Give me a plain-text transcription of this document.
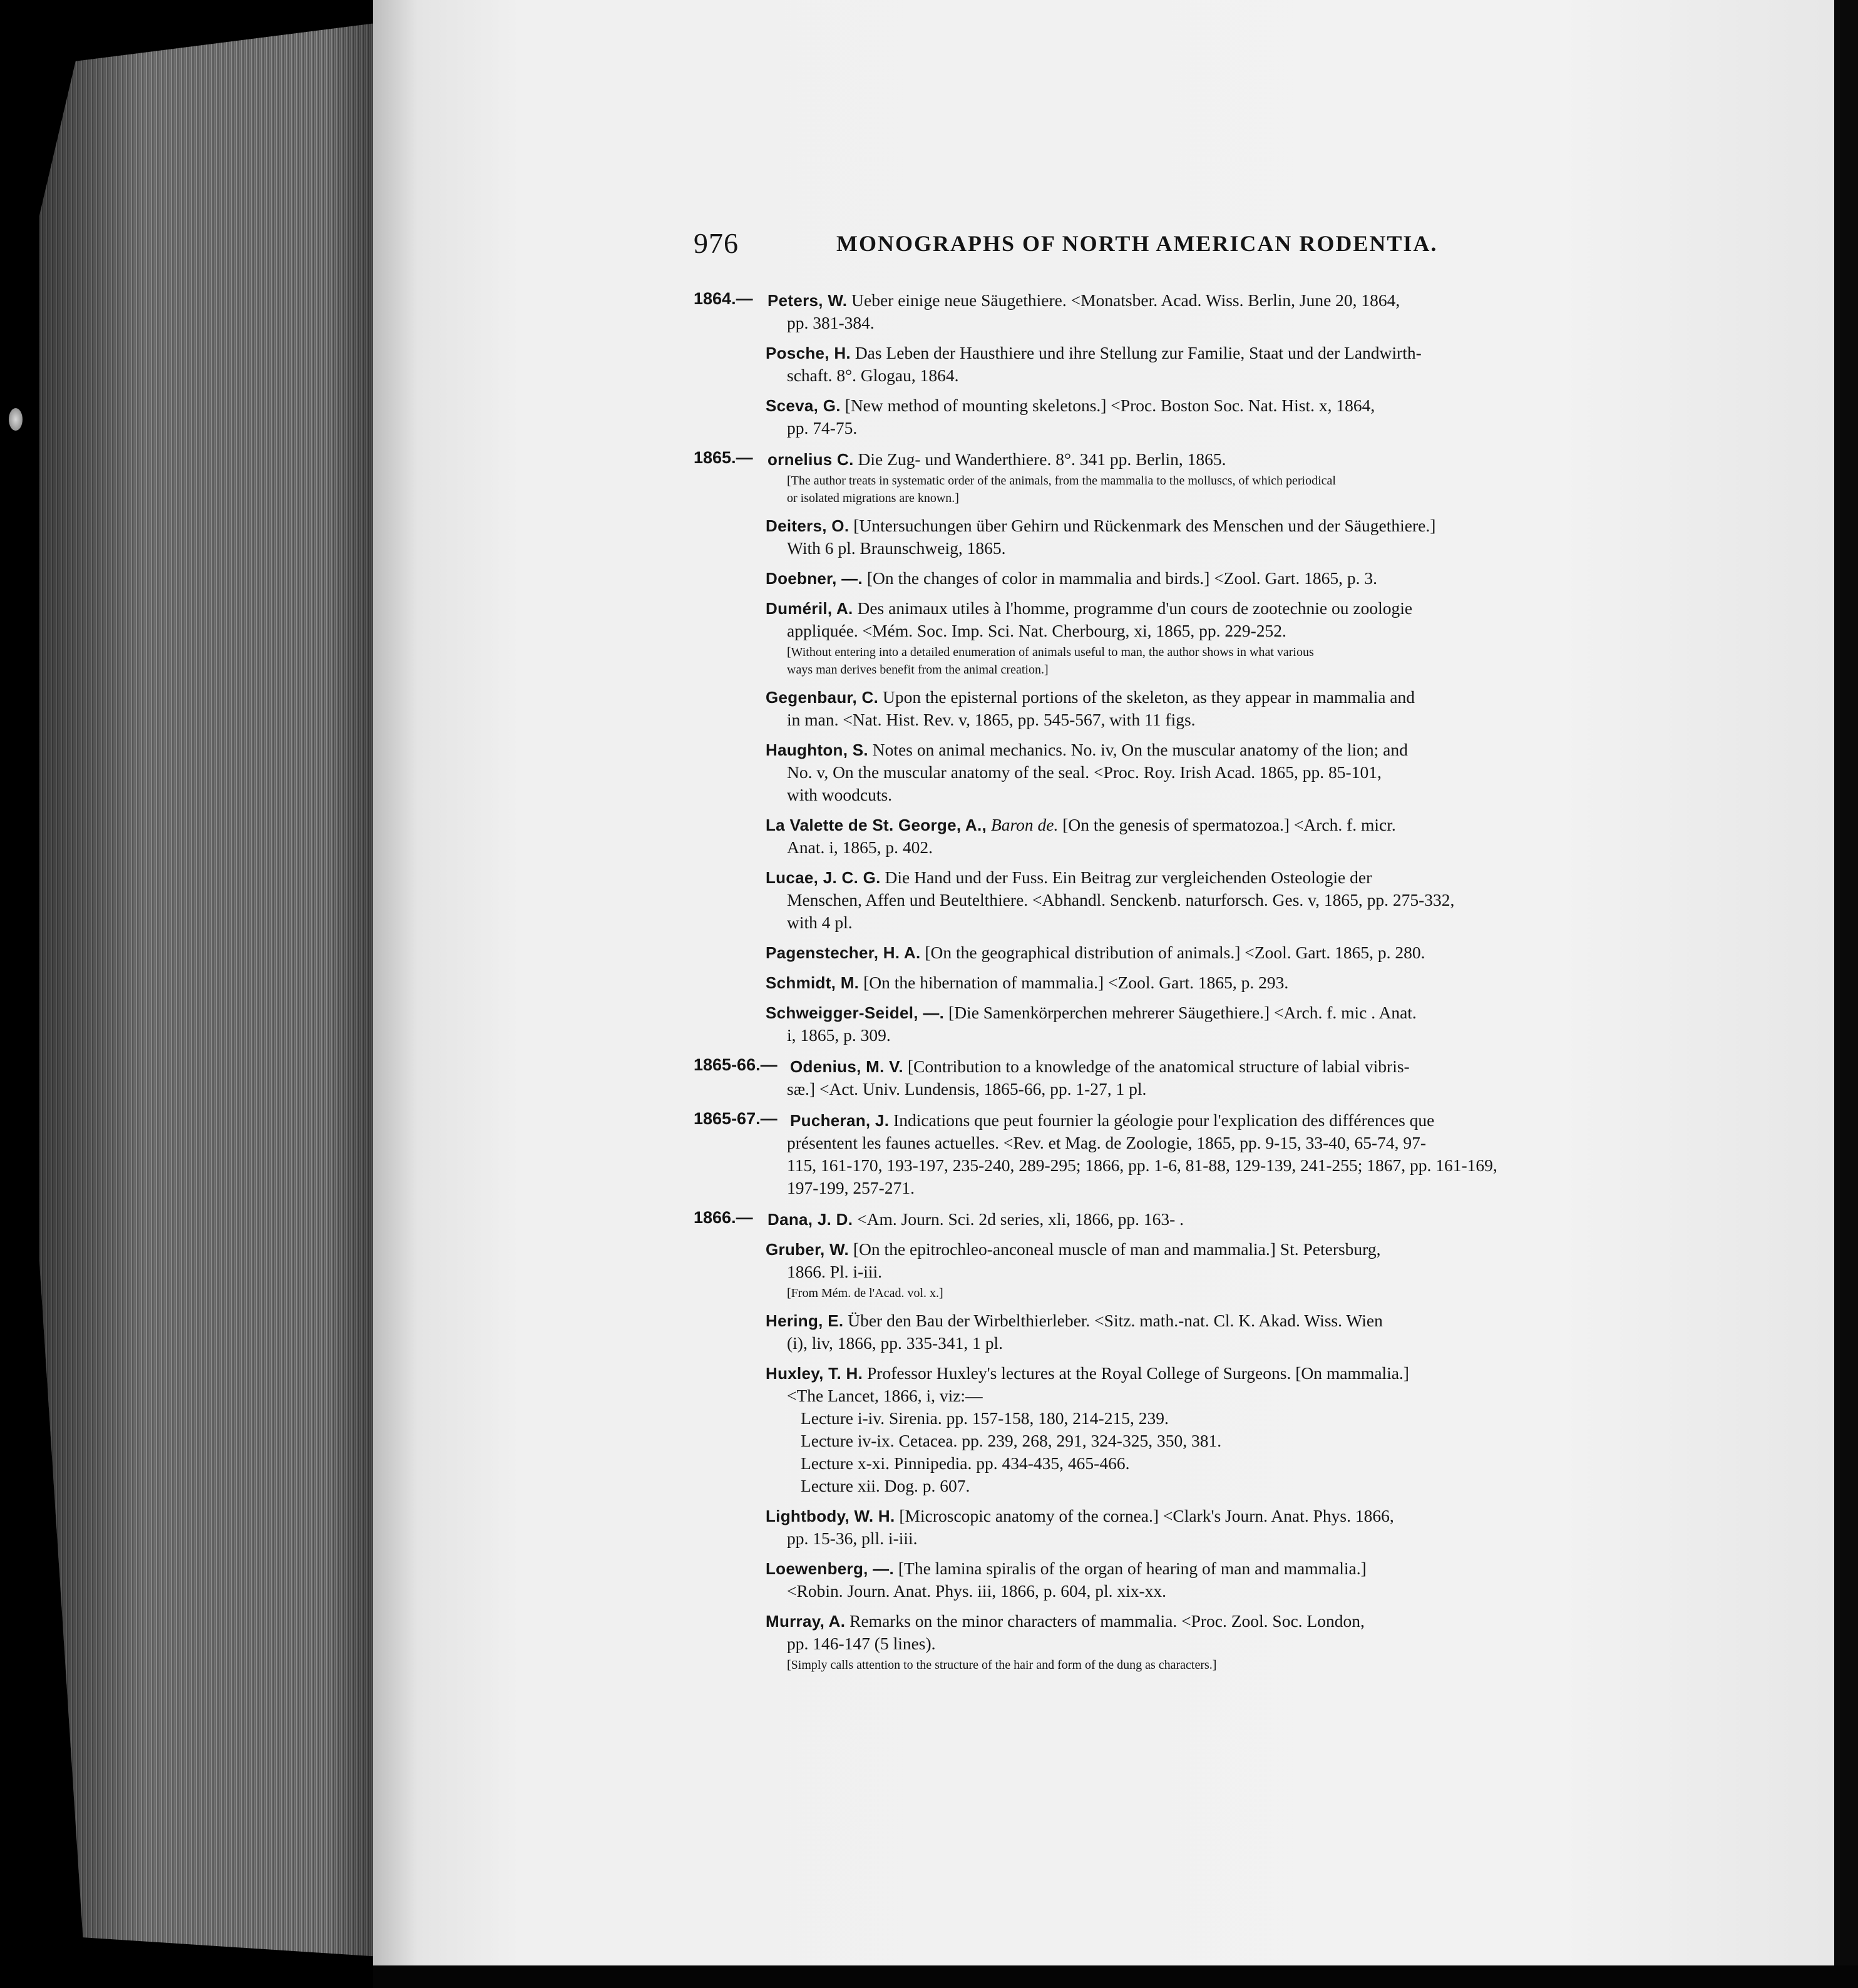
976	MONOGRAPHS OF NORTH AMERICAN RODENTIA.
1864.— Peters, W. Ueber einige neue Säugethiere. <Monatsber. Acad. Wiss. Berlin, June 20, 1864,
pp. 381-384.
Posche, H. Das Leben der Hausthiere und ihre Stellung zur Familie, Staat und der Landwirth-
schaft. 8°. Glogau, 1864.
Sceva, G. [New method of mounting skeletons.] <Proc. Boston Soc. Nat. Hist. x, 1864,
pp. 74-75.
1865.— ornelius C. Die Zug- und Wanderthiere. 8°. 341 pp. Berlin, 1865.
[The author treats in systematic order of the animals, from the mammalia to the molluscs, of which periodical
or isolated migrations are known.]
Deiters, O. [Untersuchungen über Gehirn und Rückenmark des Menschen und der Säugethiere.]
With 6 pl. Braunschweig, 1865.
Doebner, —. [On the changes of color in mammalia and birds.] <Zool. Gart. 1865, p. 3.
Duméril, A. Des animaux utiles à l'homme, programme d'un cours de zootechnie ou zoologie
appliquée. <Mém. Soc. Imp. Sci. Nat. Cherbourg, xi, 1865, pp. 229-252.
[Without entering into a detailed enumeration of animals useful to man, the author shows in what various
ways man derives benefit from the animal creation.]
Gegenbaur, C. Upon the episternal portions of the skeleton, as they appear in mammalia and
in man. <Nat. Hist. Rev. v, 1865, pp. 545-567, with 11 figs.
Haughton, S. Notes on animal mechanics. No. iv, On the muscular anatomy of the lion; and
No. v, On the muscular anatomy of the seal. <Proc. Roy. Irish Acad. 1865, pp. 85-101,
with woodcuts.
La Valette de St. George, A., Baron de. [On the genesis of spermatozoa.] <Arch. f. micr.
Anat. i, 1865, p. 402.
Lucae, J. C. G. Die Hand und der Fuss. Ein Beitrag zur vergleichenden Osteologie der
Menschen, Affen und Beutelthiere. <Abhandl. Senckenb. naturforsch. Ges. v, 1865, pp. 275-332,
with 4 pl.
Pagenstecher, H. A. [On the geographical distribution of animals.] <Zool. Gart. 1865, p. 280.
Schmidt, M. [On the hibernation of mammalia.] <Zool. Gart. 1865, p. 293.
Schweigger-Seidel, —. [Die Samenkörperchen mehrerer Säugethiere.] <Arch. f. mic . Anat.
i, 1865, p. 309.
1865-66.— Odenius, M. V. [Contribution to a knowledge of the anatomical structure of labial vibris-
sæ.] <Act. Univ. Lundensis, 1865-66, pp. 1-27, 1 pl.
1865-67.— Pucheran, J. Indications que peut fournier la géologie pour l'explication des différences que
présentent les faunes actuelles. <Rev. et Mag. de Zoologie, 1865, pp. 9-15, 33-40, 65-74, 97-
115, 161-170, 193-197, 235-240, 289-295; 1866, pp. 1-6, 81-88, 129-139, 241-255; 1867, pp. 161-169,
197-199, 257-271.
1866.— Dana, J. D. <Am. Journ. Sci. 2d series, xli, 1866, pp. 163- .
Gruber, W. [On the epitrochleo-anconeal muscle of man and mammalia.] St. Petersburg,
1866. Pl. i-iii.
[From Mém. de l'Acad. vol. x.]
Hering, E. Über den Bau der Wirbelthierleber. <Sitz. math.-nat. Cl. K. Akad. Wiss. Wien
(i), liv, 1866, pp. 335-341, 1 pl.
Huxley, T. H. Professor Huxley's lectures at the Royal College of Surgeons. [On mammalia.]
<The Lancet, 1866, i, viz:—
Lecture i-iv. Sirenia. pp. 157-158, 180, 214-215, 239.
Lecture iv-ix. Cetacea. pp. 239, 268, 291, 324-325, 350, 381.
Lecture x-xi. Pinnipedia. pp. 434-435, 465-466.
Lecture xii. Dog. p. 607.
Lightbody, W. H. [Microscopic anatomy of the cornea.] <Clark's Journ. Anat. Phys. 1866,
pp. 15-36, pll. i-iii.
Loewenberg, —. [The lamina spiralis of the organ of hearing of man and mammalia.]
<Robin. Journ. Anat. Phys. iii, 1866, p. 604, pl. xix-xx.
Murray, A. Remarks on the minor characters of mammalia. <Proc. Zool. Soc. London,
pp. 146-147 (5 lines).
[Simply calls attention to the structure of the hair and form of the dung as characters.]
